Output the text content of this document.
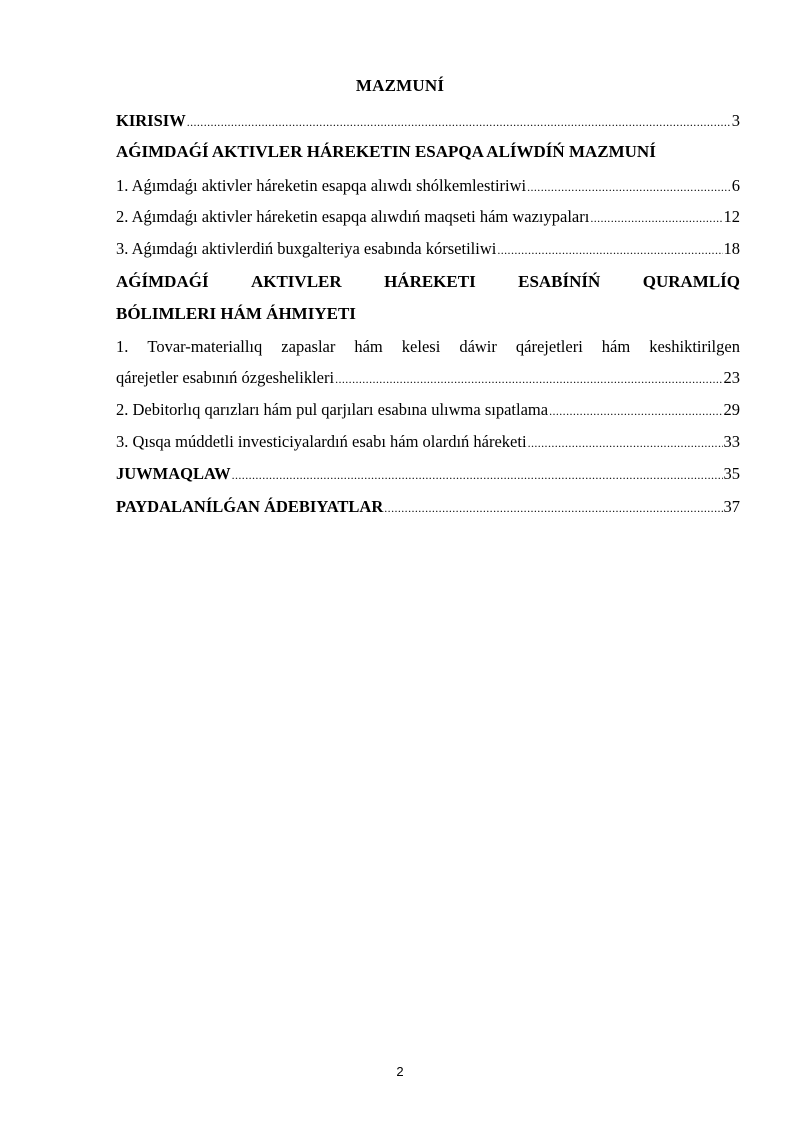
MAZMUNÍ
KIRISIW .....	3
AǴIMDAǴÍ AKTIVLER HÁREKETIN ESAPQA ALÍWDÍŃ MAZMUNÍ
1. Aǵımdaǵı aktivler háreketin esapqa alıwdı shólkemlestiriwi .....	6
2. Aǵımdaǵı aktivler háreketin esapqa alıwdıń maqseti hám wazıypaları .....	12
3. Aǵımdaǵı aktivlerdiń buxgalteriya esabında kórsetiliwi .....	18
AǴÍMDAǴÍ AKTIVLER HÁREKETI ESABÍNÍŃ QURAMLÍQ
BÓLIMLERI HÁM ÁHMIYETI
1. Tovar-materiallıq zapaslar hám kelesi dáwir qárejetleri hám keshiktirilgen
qárejetler esabınıń ózgeshelikleri .....	23
2. Debitorlıq qarızları hám pul qarjıları esabına ulıwma sıpatlama .....	29
3. Qısqa múddetli investiciyalardıń esabı hám olardıń háreketi .....	33
JUWMAQLAW .....	35
PAYDALANÍLǴAN ÁDEBIYATLAR .....	37
2
